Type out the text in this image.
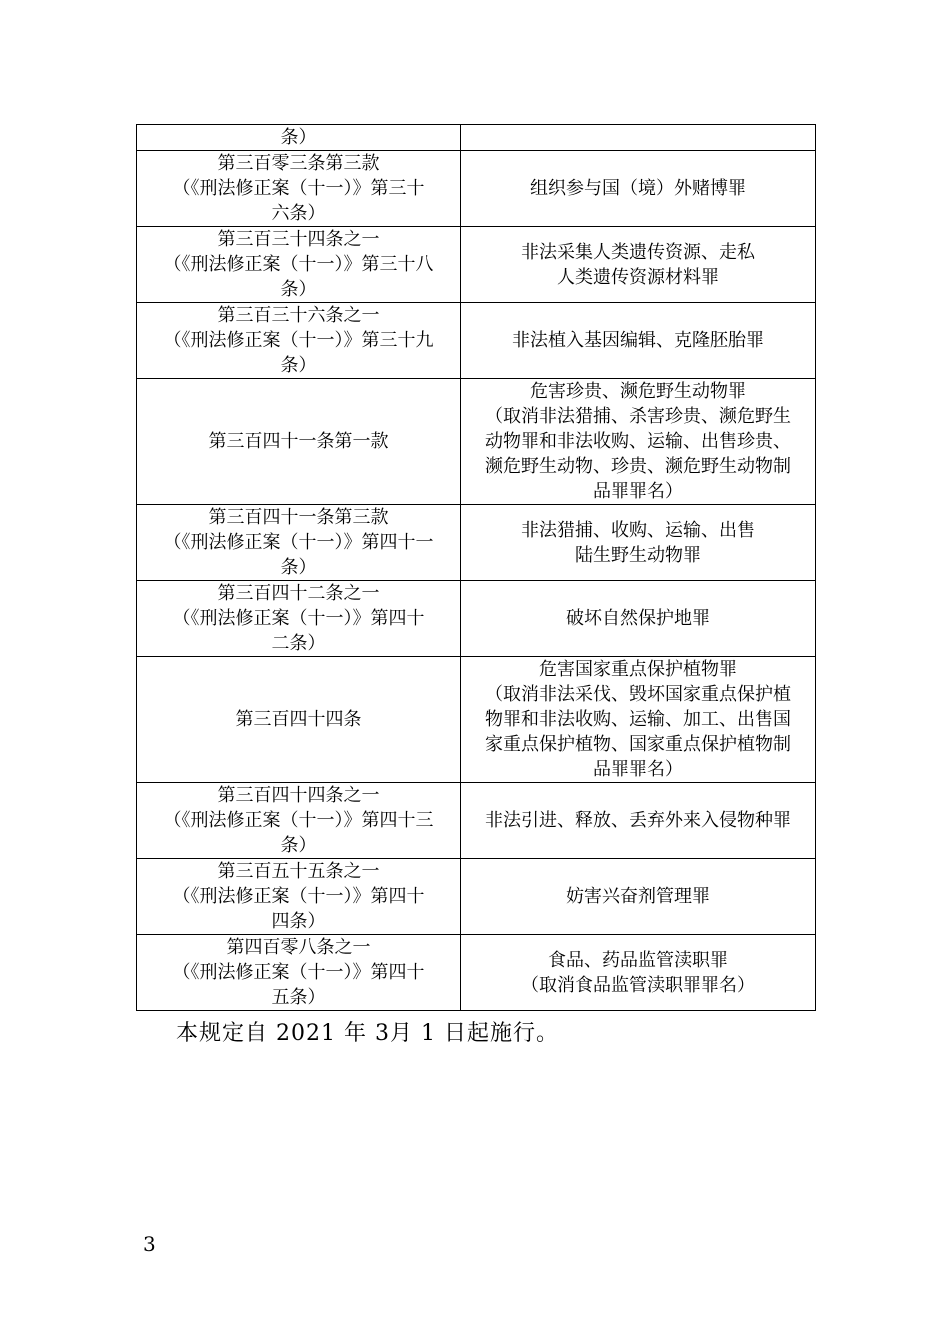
条）	

第三百零三条第三款
（《刑法修正案（十一）》第三十
六条）	组织参与国（境）外赌博罪

第三百三十四条之一
（《刑法修正案（十一）》第三十八
条）	非法采集人类遗传资源、走私
人类遗传资源材料罪

第三百三十六条之一
（《刑法修正案（十一）》第三十九
条）	非法植入基因编辑、克隆胚胎罪

第三百四十一条第一款	危害珍贵、濒危野生动物罪
（取消非法猎捕、杀害珍贵、濒危野生
动物罪和非法收购、运输、出售珍贵、
濒危野生动物、珍贵、濒危野生动物制
品罪罪名）

第三百四十一条第三款
（《刑法修正案（十一）》第四十一
条）	非法猎捕、收购、运输、出售
陆生野生动物罪

第三百四十二条之一
（《刑法修正案（十一）》第四十
二条）	破坏自然保护地罪

第三百四十四条	危害国家重点保护植物罪
（取消非法采伐、毁坏国家重点保护植
物罪和非法收购、运输、加工、出售国
家重点保护植物、国家重点保护植物制
品罪罪名）

第三百四十四条之一
（《刑法修正案（十一）》第四十三
条）	非法引进、释放、丢弃外来入侵物种罪

第三百五十五条之一
（《刑法修正案（十一）》第四十
四条）	妨害兴奋剂管理罪

第四百零八条之一
（《刑法修正案（十一）》第四十
五条）	食品、药品监管渎职罪
（取消食品监管渎职罪罪名）
本规定自 2021 年 3月 1 日起施行。
3
